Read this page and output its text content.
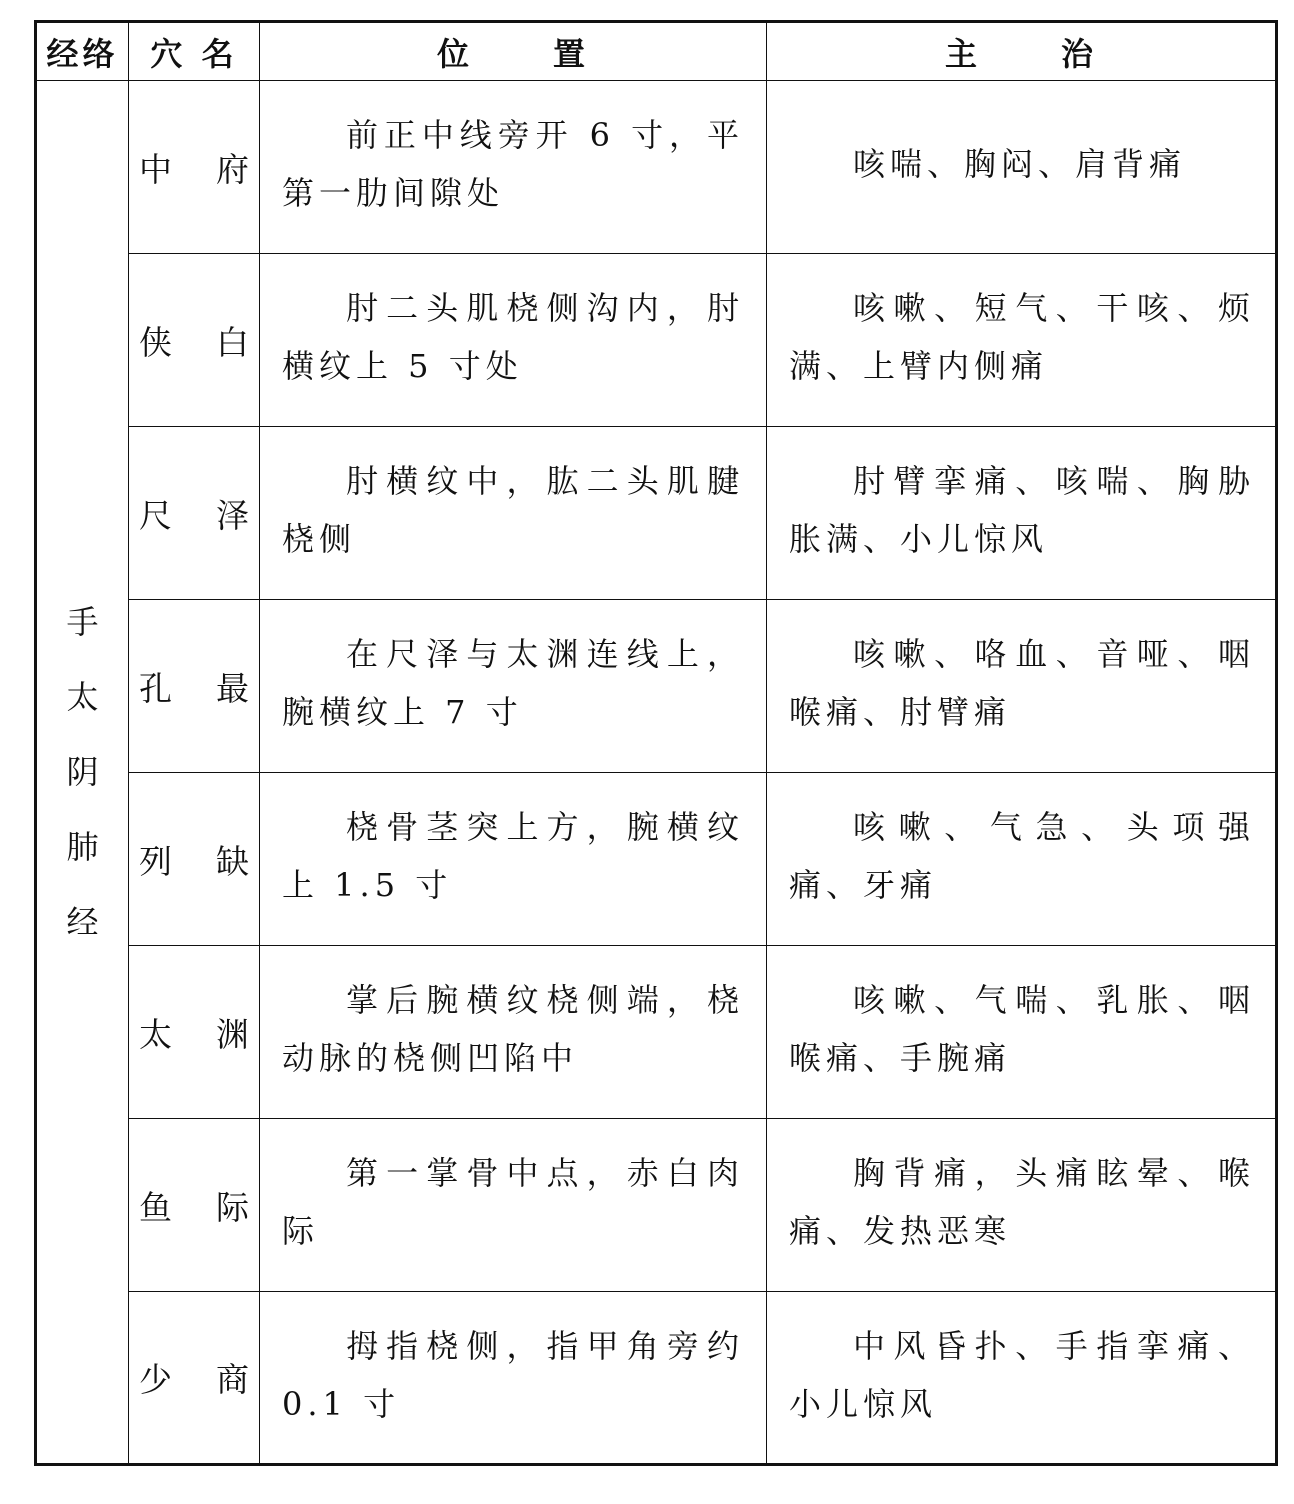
经络	穴 名	位 置	主 治
手太阴肺经	中 府	前正中线旁开 6 寸，平第一肋间隙处	咳喘、胸闷、肩背痛

	侠 白	肘二头肌桡侧沟内，肘横纹上 5 寸处	咳嗽、短气、干咳、烦满、上臂内侧痛

	尺 泽	肘横纹中，肱二头肌腱桡侧	肘臂挛痛、咳喘、胸胁胀满、小儿惊风

	孔 最	在尺泽与太渊连线上，腕横纹上 7 寸	咳嗽、咯血、音哑、咽喉痛、肘臂痛

	列 缺	桡骨茎突上方，腕横纹上 1.5 寸	咳嗽、气急、头项强痛、牙痛

	太 渊	掌后腕横纹桡侧端，桡动脉的桡侧凹陷中	咳嗽、气喘、乳胀、咽喉痛、手腕痛

	鱼 际	第一掌骨中点，赤白肉际	胸背痛，头痛眩晕、喉痛、发热恶寒

	少 商	拇指桡侧，指甲角旁约 0.1 寸	中风昏扑、手指挛痛、小儿惊风
